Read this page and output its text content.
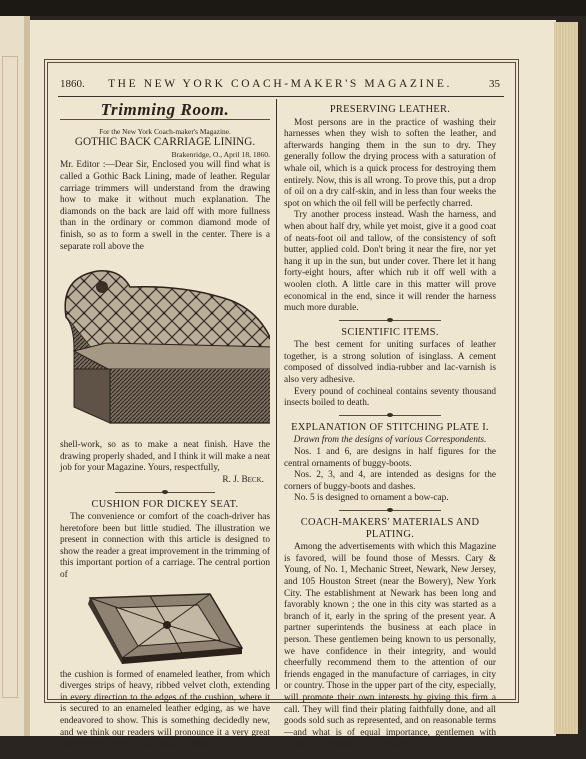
1860.	THE NEW YORK COACH-MAKER'S MAGAZINE.	35
Trimming Room.
For the New York Coach-maker's Magazine.
GOTHIC BACK CARRIAGE LINING.
Brakenridge, O., April 18, 1860.

Mr. Editor :—Dear Sir, Enclosed you will find what is called a Gothic Back Lining, made of leather. Regular carriage trimmers will understand from the drawing how to make it without much explanation. The diamonds on the back are laid off with more fullness than in the ordinary or common diamond mode of finish, so as to form a swell in the center. There is a separate roll above the

shell-work, so as to make a neat finish. Have the drawing properly shaded, and I think it will make a neat job for your Magazine. Yours, respectfully,

R. J. Beck.
CUSHION FOR DICKEY SEAT.

The convenience or comfort of the coach-driver has heretofore been but little studied. The illustration we present in connection with this article is designed to show the reader a great improvement in the trimming of this important portion of a carriage. The central portion of

the cushion is formed of enameled leather, from which diverges strips of heavy, ribbed velvet cloth, extending in every direction to the edges of the cushion, where it is secured to an enameled leather edging, as we have endeavored to show. This is something decidedly new, and we think our readers will pronounce it a very great improvement over the old mode of finish.

PRESERVING LEATHER.

Most persons are in the practice of washing their harnesses when they wish to soften the leather, and afterwards hanging them in the sun to dry. They generally follow the drying process with a saturation of whale oil, which is a quick process for destroying them entirely. Now, this is all wrong. To prove this, put a drop of oil on a dry calf-skin, and in less than four weeks the spot on which the oil fell will be perfectly charred.

Try another process instead. Wash the harness, and when about half dry, while yet moist, give it a good coat of neats-foot oil and tallow, of the consistency of soft butter, applied cold. Don't bring it near the fire, nor yet hang it up in the sun, but under cover. There let it hang forty-eight hours, after which rub it off well with a woolen cloth. A little care in this matter will prove economical in the end, since it will render the harness much more durable.

SCIENTIFIC ITEMS.

The best cement for uniting surfaces of leather together, is a strong solution of isinglass. A cement composed of dissolved india-rubber and lac-varnish is also very adhesive.

Every pound of cochineal contains seventy thousand insects boiled to death.

EXPLANATION OF STITCHING PLATE I.
Drawn from the designs of various Correspondents.

Nos. 1 and 6, are designs in half figures for the central ornaments of buggy-boots.

Nos. 2, 3, and 4, are intended as designs for the corners of buggy-boots and dashes.

No. 5 is designed to ornament a bow-cap.

COACH-MAKERS' MATERIALS AND PLATING.

Among the advertisements with which this Magazine is favored, will be found those of Messrs. Cary & Young, of No. 1, Mechanic Street, Newark, New Jersey, and 105 Houston Street (near the Bowery), New York City. The establishment at Newark has been long and favorably known ; the one in this city was started as a branch of it, early in the spring of the present year. A partner superintends the business at each place in person. These gentlemen being known to us personally, we have confidence in their integrity, and would cheerfully recommend them to the attention of our friends engaged in the manufacture of carriages, in city or country. Those in the upper part of the city, especially, will promote their own interests by giving this firm a call. They will find their plating faithfully done, and all goods sold such as represented, and on reasonable terms—and what is of equal importance, gentlemen with whom it is pleasant to do business.
